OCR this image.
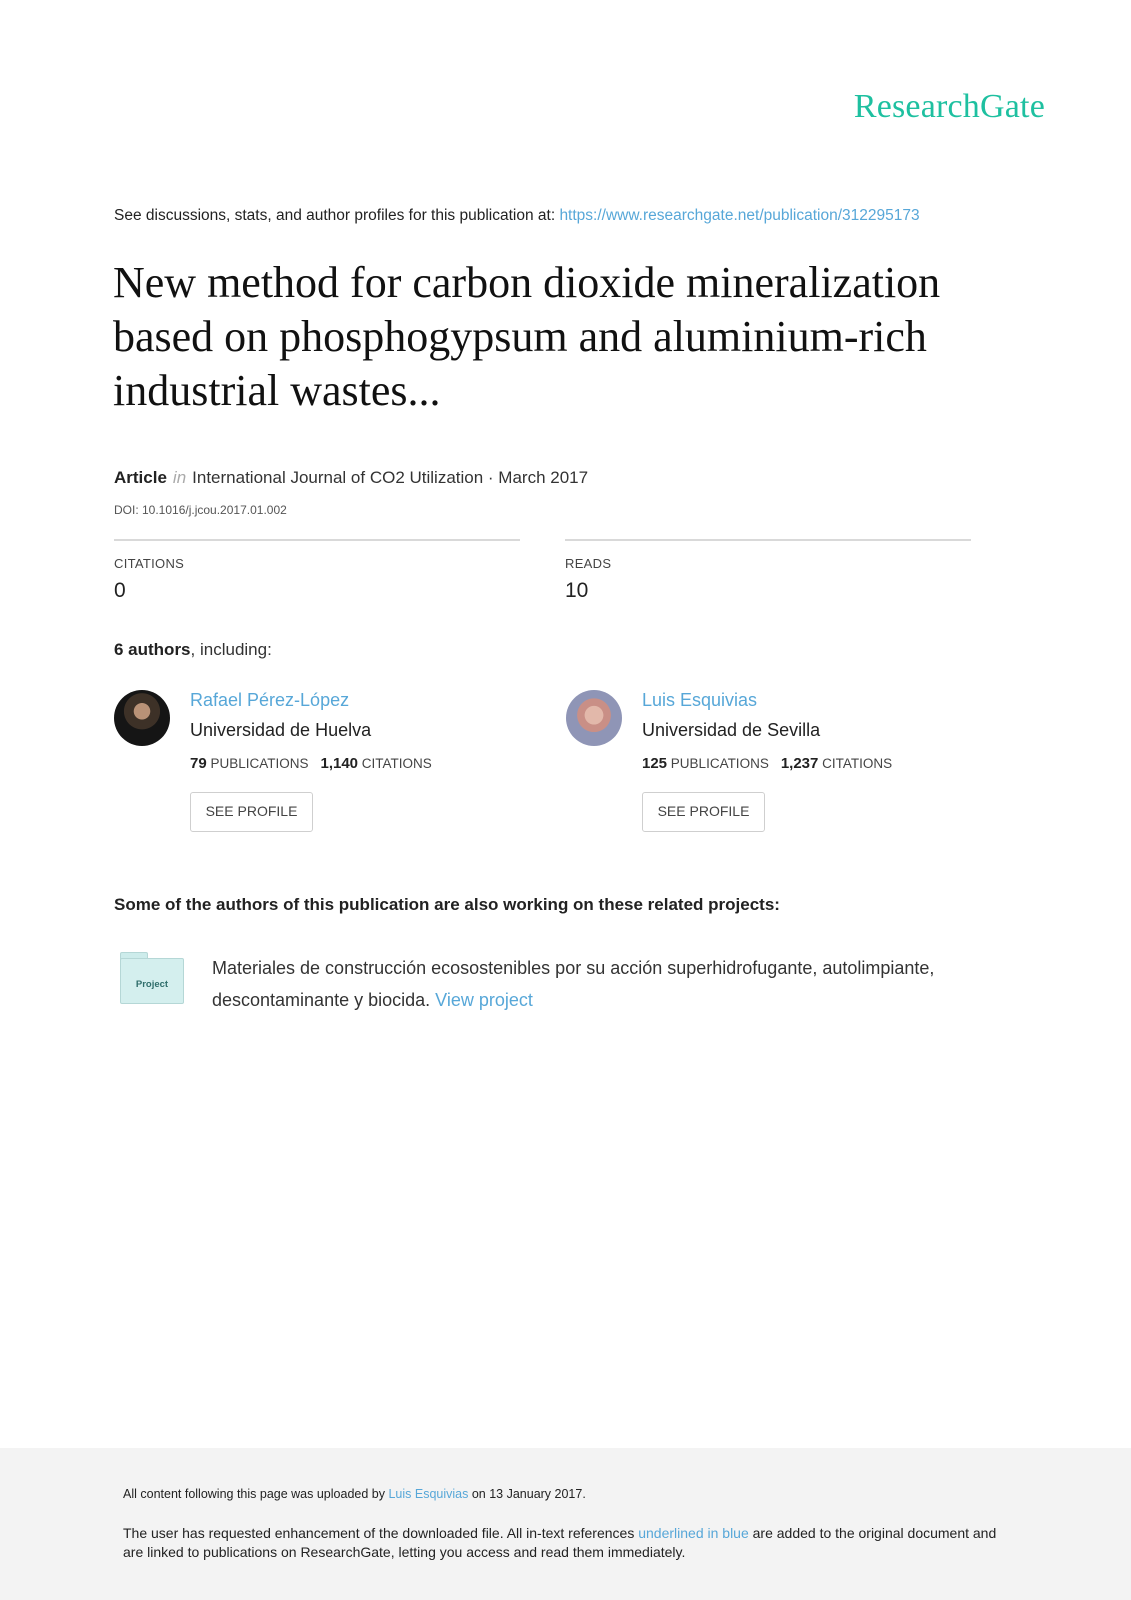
ResearchGate
See discussions, stats, and author profiles for this publication at: https://www.researchgate.net/publication/312295173
New method for carbon dioxide mineralization based on phosphogypsum and aluminium-rich industrial wastes...
Article in International Journal of CO2 Utilization · March 2017
DOI: 10.1016/j.jcou.2017.01.002
CITATIONS
0
READS
10
6 authors, including:
Rafael Pérez-López
Universidad de Huelva
79 PUBLICATIONS 1,140 CITATIONS
SEE PROFILE
Luis Esquivias
Universidad de Sevilla
125 PUBLICATIONS 1,237 CITATIONS
SEE PROFILE
Some of the authors of this publication are also working on these related projects:
Project
Materiales de construcción ecosostenibles por su acción superhidrofugante, autolimpiante, descontaminante y biocida. View project
All content following this page was uploaded by Luis Esquivias on 13 January 2017.
The user has requested enhancement of the downloaded file. All in-text references underlined in blue are added to the original document and are linked to publications on ResearchGate, letting you access and read them immediately.
